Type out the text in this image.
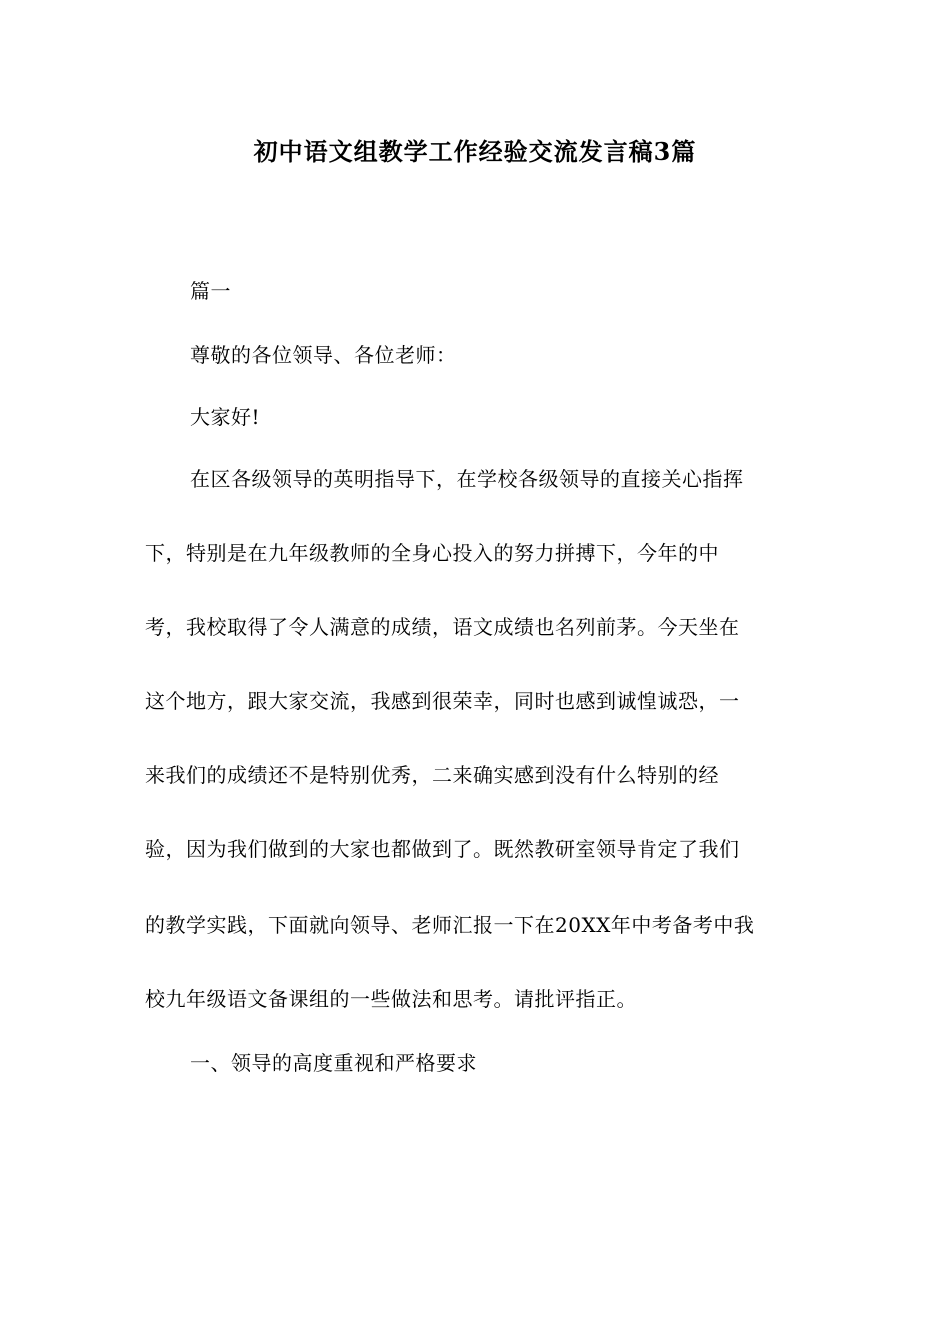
初中语文组教学工作经验交流发言稿3篇
篇一
尊敬的各位领导、各位老师：
大家好!
在区各级领导的英明指导下，在学校各级领导的直接关心指挥
下，特别是在九年级教师的全身心投入的努力拼搏下，今年的中
考，我校取得了令人满意的成绩，语文成绩也名列前茅。今天坐在
这个地方，跟大家交流，我感到很荣幸，同时也感到诚惶诚恐，一
来我们的成绩还不是特别优秀，二来确实感到没有什么特别的经
验，因为我们做到的大家也都做到了。既然教研室领导肯定了我们
的教学实践，下面就向领导、老师汇报一下在20XX年中考备考中我
校九年级语文备课组的一些做法和思考。请批评指正。
一、领导的高度重视和严格要求
